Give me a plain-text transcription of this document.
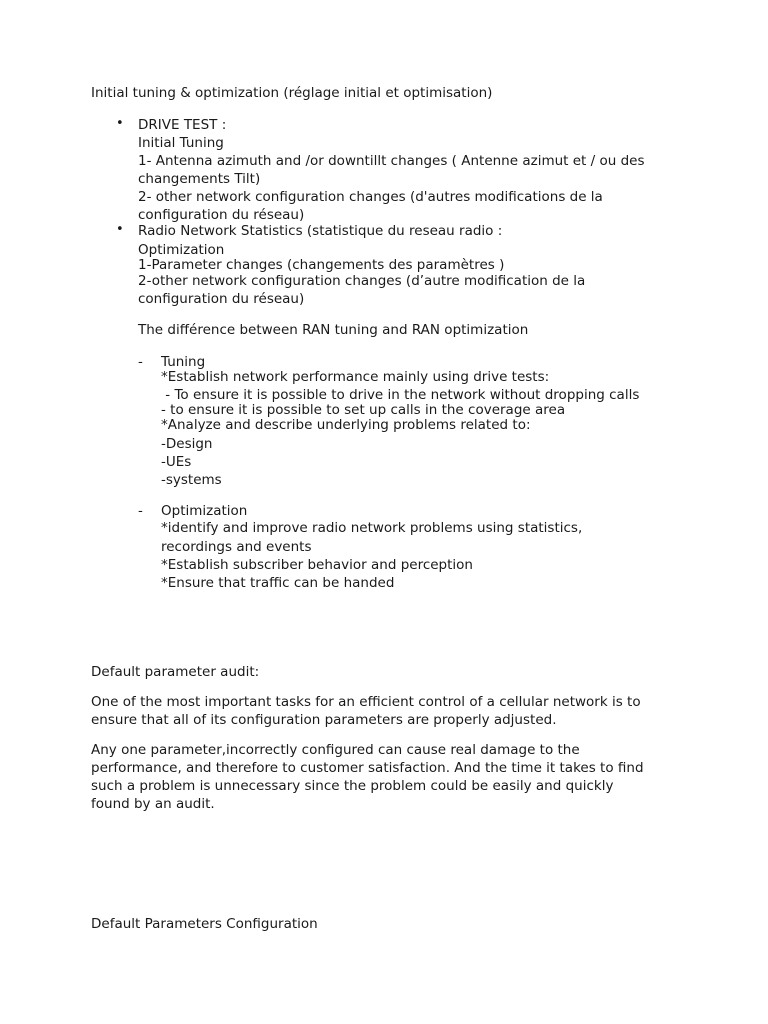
Initial tuning & optimization (réglage initial et optimisation)
• DRIVE TEST :
Initial Tuning
1- Antenna azimuth and /or downtillt changes ( Antenne azimut et / ou des
changements Tilt)
2- other network configuration changes (d'autres modifications de la
configuration du réseau)
• Radio Network Statistics (statistique du reseau radio :
Optimization
1-Parameter changes (changements des paramètres )
2-other network configuration changes (d’autre modification de la
configuration du réseau)
The différence between RAN tuning and RAN optimization
- Tuning
*Establish network performance mainly using drive tests:
- To ensure it is possible to drive in the network without dropping calls
- to ensure it is possible to set up calls in the coverage area
*Analyze and describe underlying problems related to:
-Design
-UEs
-systems
- Optimization
*identify and improve radio network problems using statistics,
recordings and events
*Establish subscriber behavior and perception
*Ensure that traffic can be handed
Default parameter audit:
One of the most important tasks for an efficient control of a cellular network is to
ensure that all of its configuration parameters are properly adjusted.
Any one parameter,incorrectly configured can cause real damage to the
performance, and therefore to customer satisfaction. And the time it takes to find
such a problem is unnecessary since the problem could be easily and quickly
found by an audit.
Default Parameters Configuration
